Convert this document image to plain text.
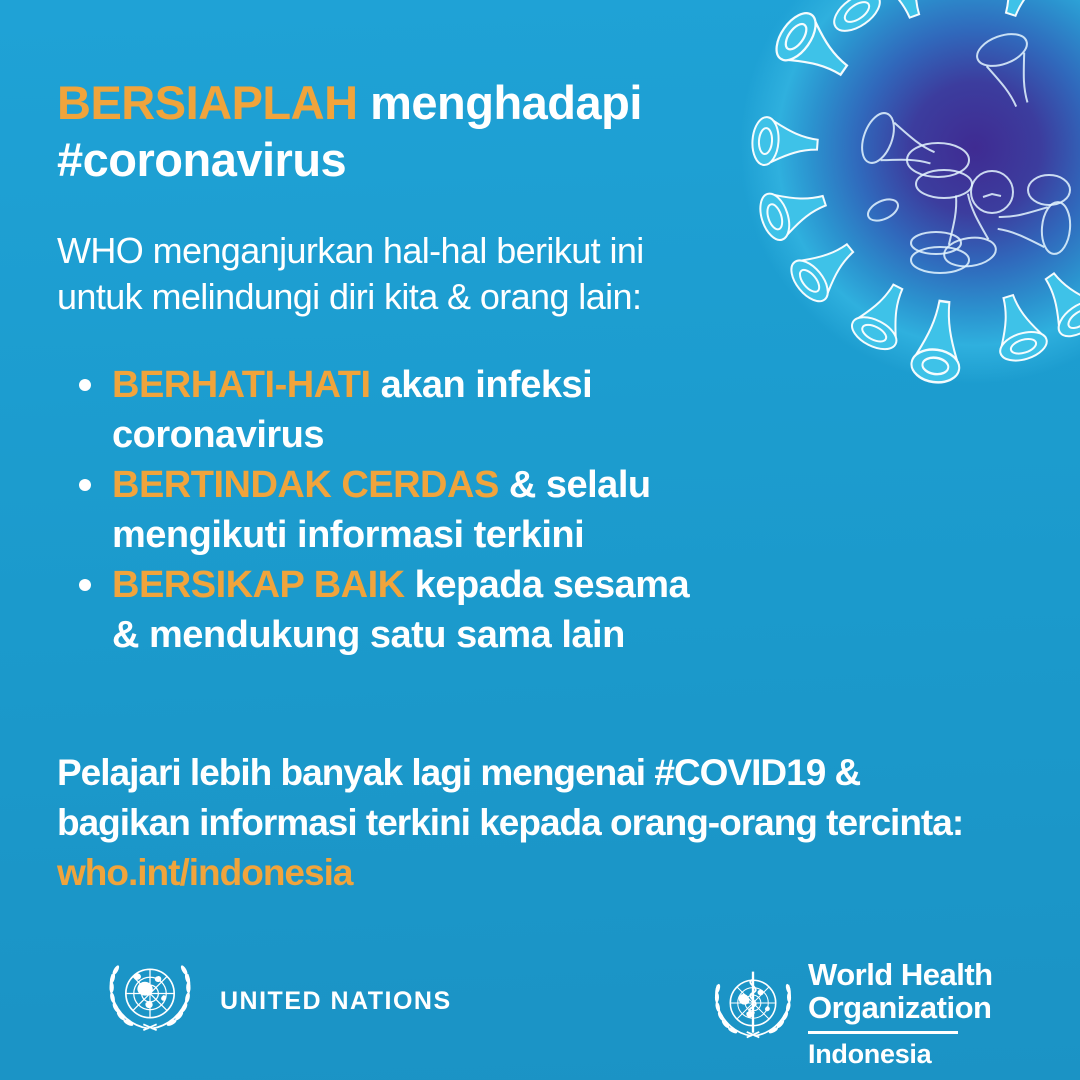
BERSIAPLAH menghadapi
#coronavirus
WHO menganjurkan hal-hal berikut ini
untuk melindungi diri kita & orang lain:
BERHATI-HATI akan infeksi
coronavirus
BERTINDAK CERDAS & selalu
mengikuti informasi terkini
BERSIKAP BAIK kepada sesama
& mendukung satu sama lain
Pelajari lebih banyak lagi mengenai #COVID19 &
bagikan informasi terkini kepada orang-orang tercinta:
who.int/indonesia
UNITED NATIONS
World Health
Organization
Indonesia
